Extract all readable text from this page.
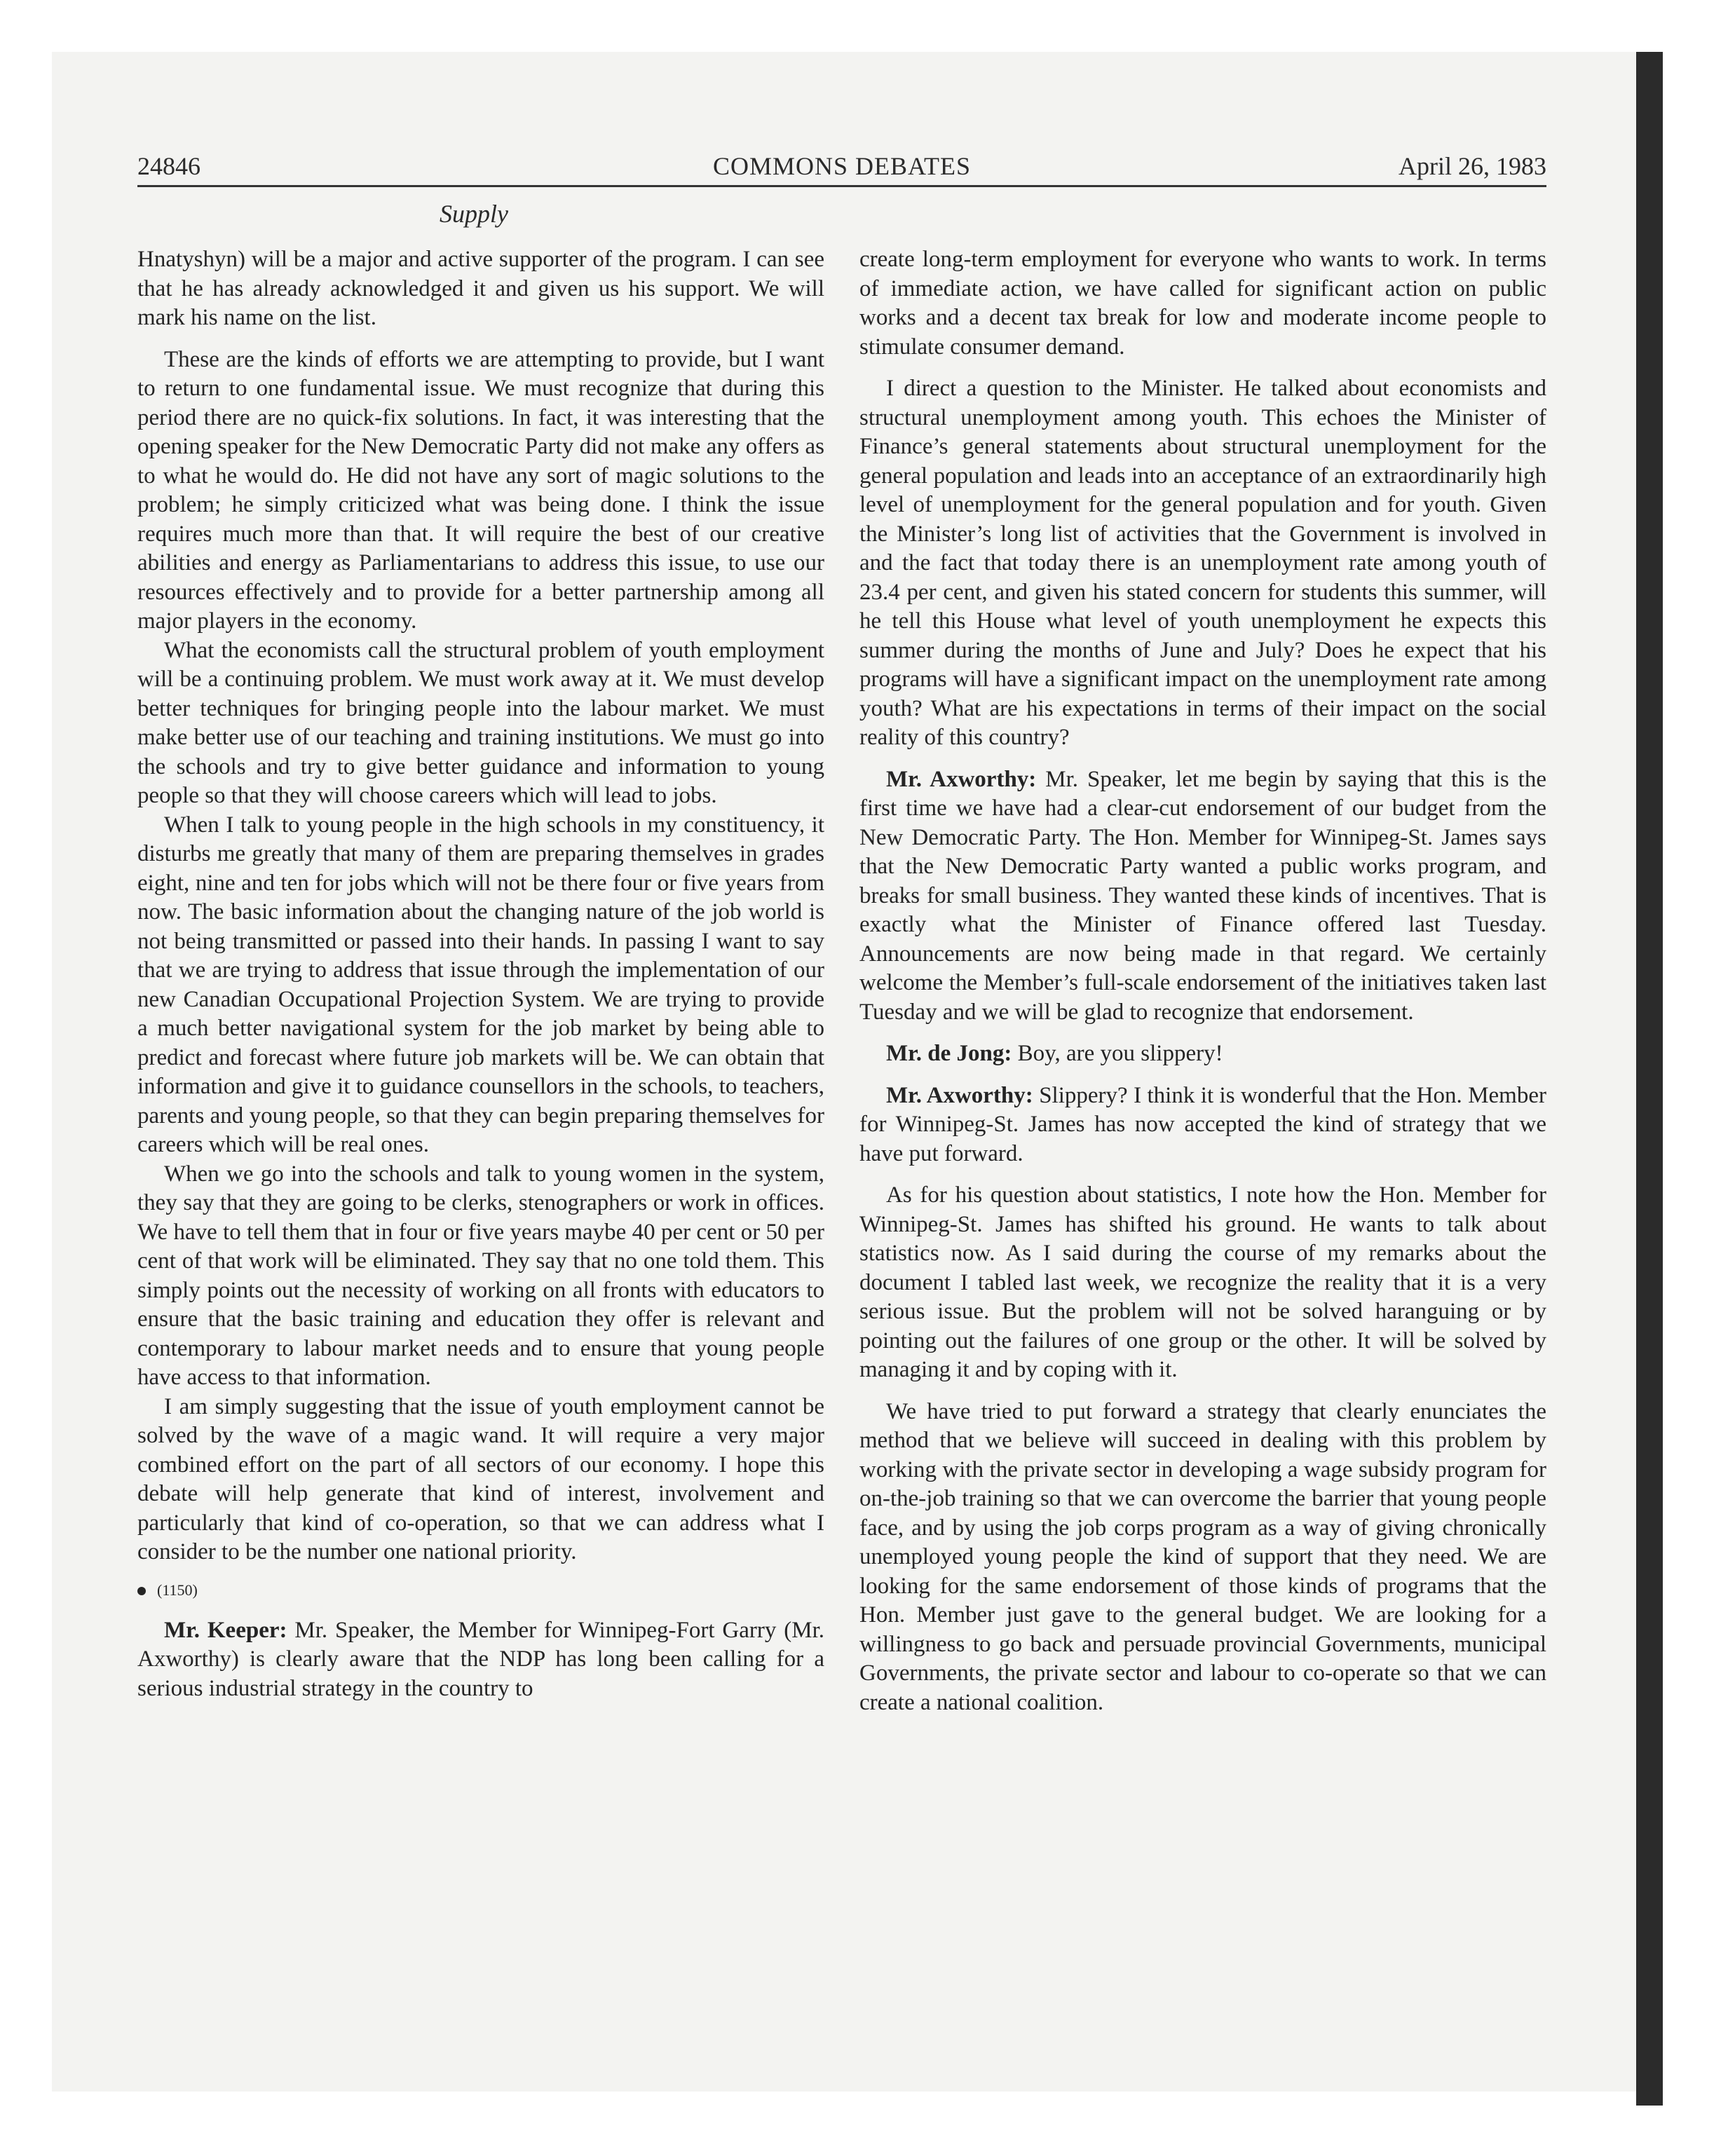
24846	COMMONS DEBATES	April 26, 1983
Supply

Hnatyshyn) will be a major and active supporter of the program. I can see that he has already acknowledged it and given us his support. We will mark his name on the list.

These are the kinds of efforts we are attempting to provide, but I want to return to one fundamental issue. We must recognize that during this period there are no quick-fix solutions. In fact, it was interesting that the opening speaker for the New Democratic Party did not make any offers as to what he would do. He did not have any sort of magic solutions to the problem; he simply criticized what was being done. I think the issue requires much more than that. It will require the best of our creative abilities and energy as Parliamentarians to address this issue, to use our resources effectively and to provide for a better partnership among all major players in the economy.

What the economists call the structural problem of youth employment will be a continuing problem. We must work away at it. We must develop better techniques for bringing people into the labour market. We must make better use of our teaching and training institutions. We must go into the schools and try to give better guidance and information to young people so that they will choose careers which will lead to jobs.

When I talk to young people in the high schools in my constituency, it disturbs me greatly that many of them are preparing themselves in grades eight, nine and ten for jobs which will not be there four or five years from now. The basic information about the changing nature of the job world is not being transmitted or passed into their hands. In passing I want to say that we are trying to address that issue through the implementation of our new Canadian Occupational Projection System. We are trying to provide a much better navigational system for the job market by being able to predict and forecast where future job markets will be. We can obtain that information and give it to guidance counsellors in the schools, to teachers, parents and young people, so that they can begin preparing themselves for careers which will be real ones.

When we go into the schools and talk to young women in the system, they say that they are going to be clerks, stenographers or work in offices. We have to tell them that in four or five years maybe 40 per cent or 50 per cent of that work will be eliminated. They say that no one told them. This simply points out the necessity of working on all fronts with educators to ensure that the basic training and education they offer is relevant and contemporary to labour market needs and to ensure that young people have access to that information.

I am simply suggesting that the issue of youth employment cannot be solved by the wave of a magic wand. It will require a very major combined effort on the part of all sectors of our economy. I hope this debate will help generate that kind of interest, involvement and particularly that kind of co-operation, so that we can address what I consider to be the number one national priority.

(1150)

Mr. Keeper: Mr. Speaker, the Member for Winnipeg-Fort Garry (Mr. Axworthy) is clearly aware that the NDP has long been calling for a serious industrial strategy in the country to

create long-term employment for everyone who wants to work. In terms of immediate action, we have called for significant action on public works and a decent tax break for low and moderate income people to stimulate consumer demand.

I direct a question to the Minister. He talked about economists and structural unemployment among youth. This echoes the Minister of Finance’s general statements about structural unemployment for the general population and leads into an acceptance of an extraordinarily high level of unemployment for the general population and for youth. Given the Minister’s long list of activities that the Government is involved in and the fact that today there is an unemployment rate among youth of 23.4 per cent, and given his stated concern for students this summer, will he tell this House what level of youth unemployment he expects this summer during the months of June and July? Does he expect that his programs will have a significant impact on the unemployment rate among youth? What are his expectations in terms of their impact on the social reality of this country?

Mr. Axworthy: Mr. Speaker, let me begin by saying that this is the first time we have had a clear-cut endorsement of our budget from the New Democratic Party. The Hon. Member for Winnipeg-St. James says that the New Democratic Party wanted a public works program, and breaks for small business. They wanted these kinds of incentives. That is exactly what the Minister of Finance offered last Tuesday. Announcements are now being made in that regard. We certainly welcome the Member’s full-scale endorsement of the initiatives taken last Tuesday and we will be glad to recognize that endorsement.

Mr. de Jong: Boy, are you slippery!

Mr. Axworthy: Slippery? I think it is wonderful that the Hon. Member for Winnipeg-St. James has now accepted the kind of strategy that we have put forward.

As for his question about statistics, I note how the Hon. Member for Winnipeg-St. James has shifted his ground. He wants to talk about statistics now. As I said during the course of my remarks about the document I tabled last week, we recognize the reality that it is a very serious issue. But the problem will not be solved haranguing or by pointing out the failures of one group or the other. It will be solved by managing it and by coping with it.

We have tried to put forward a strategy that clearly enunciates the method that we believe will succeed in dealing with this problem by working with the private sector in developing a wage subsidy program for on-the-job training so that we can overcome the barrier that young people face, and by using the job corps program as a way of giving chronically unemployed young people the kind of support that they need. We are looking for the same endorsement of those kinds of programs that the Hon. Member just gave to the general budget. We are looking for a willingness to go back and persuade provincial Governments, municipal Governments, the private sector and labour to co-operate so that we can create a national coalition.
